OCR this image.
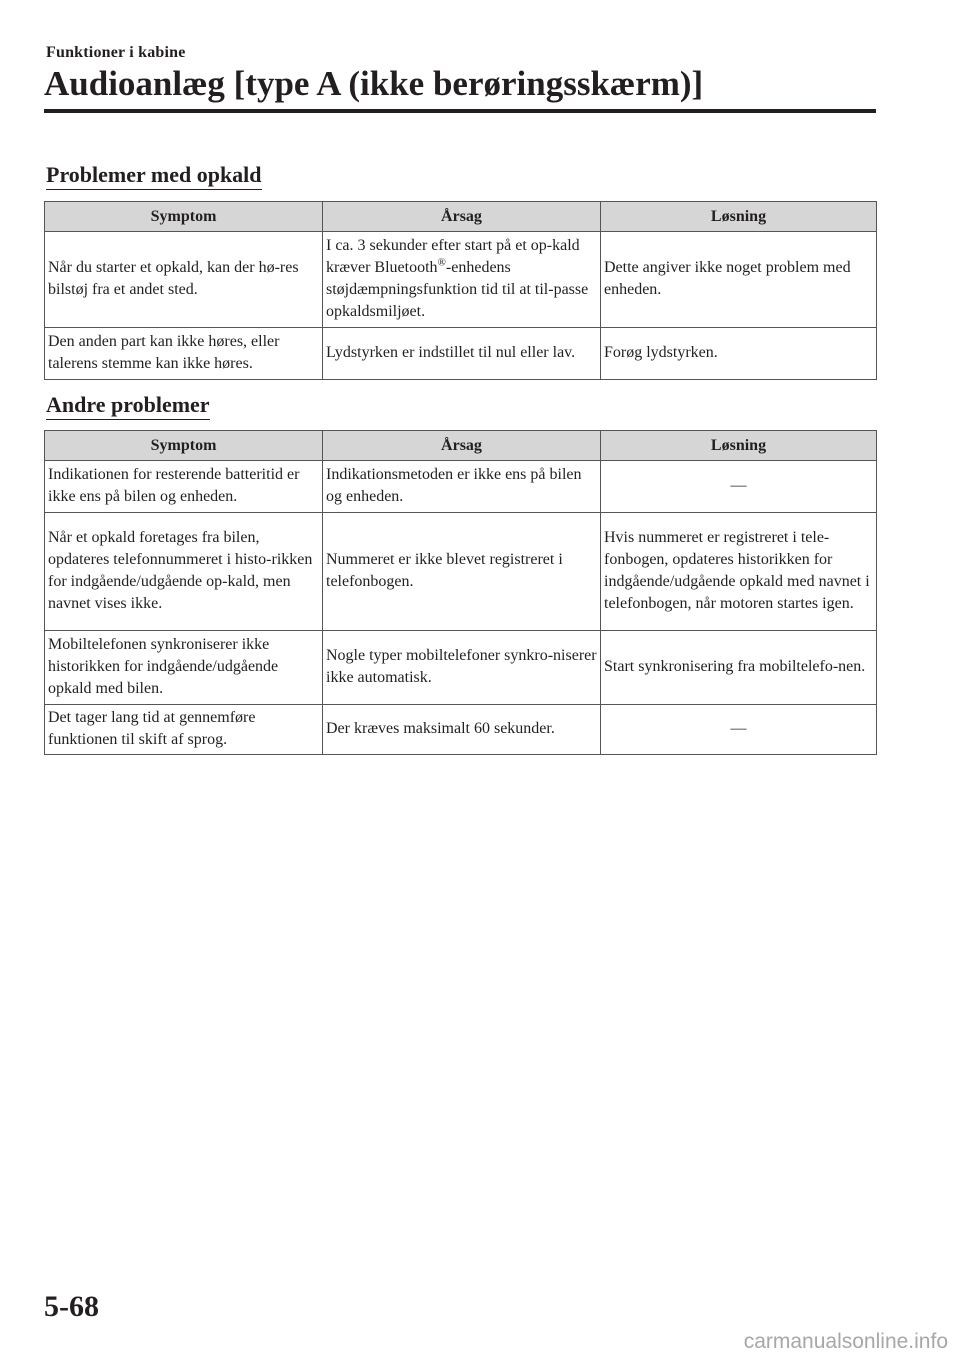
Funktioner i kabine
Audioanlæg [type A (ikke berøringsskærm)]
Problemer med opkald
Symptom	Årsag	Løsning
Når du starter et opkald, kan der hø-res bilstøj fra et andet sted.	I ca. 3 sekunder efter start på et op-kald kræver Bluetooth®-enhedens støjdæmpningsfunktion tid til at til-passe opkaldsmiljøet.	Dette angiver ikke noget problem med enheden.
Den anden part kan ikke høres, eller talerens stemme kan ikke høres.	Lydstyrken er indstillet til nul eller lav.	Forøg lydstyrken.
Andre problemer
Symptom	Årsag	Løsning
Indikationen for resterende batteritid er ikke ens på bilen og enheden.	Indikationsmetoden er ikke ens på bilen og enheden.	—
Når et opkald foretages fra bilen, opdateres telefonnummeret i histo-rikken for indgående/udgående op-kald, men navnet vises ikke.	Nummeret er ikke blevet registreret i telefonbogen.	Hvis nummeret er registreret i tele-fonbogen, opdateres historikken for indgående/udgående opkald med navnet i telefonbogen, når motoren startes igen.
Mobiltelefonen synkroniserer ikke historikken for indgående/udgående opkald med bilen.	Nogle typer mobiltelefoner synkro-niserer ikke automatisk.	Start synkronisering fra mobiltelefo-nen.
Det tager lang tid at gennemføre funktionen til skift af sprog.	Der kræves maksimalt 60 sekunder.	—
5-68
carmanualsonline.info
